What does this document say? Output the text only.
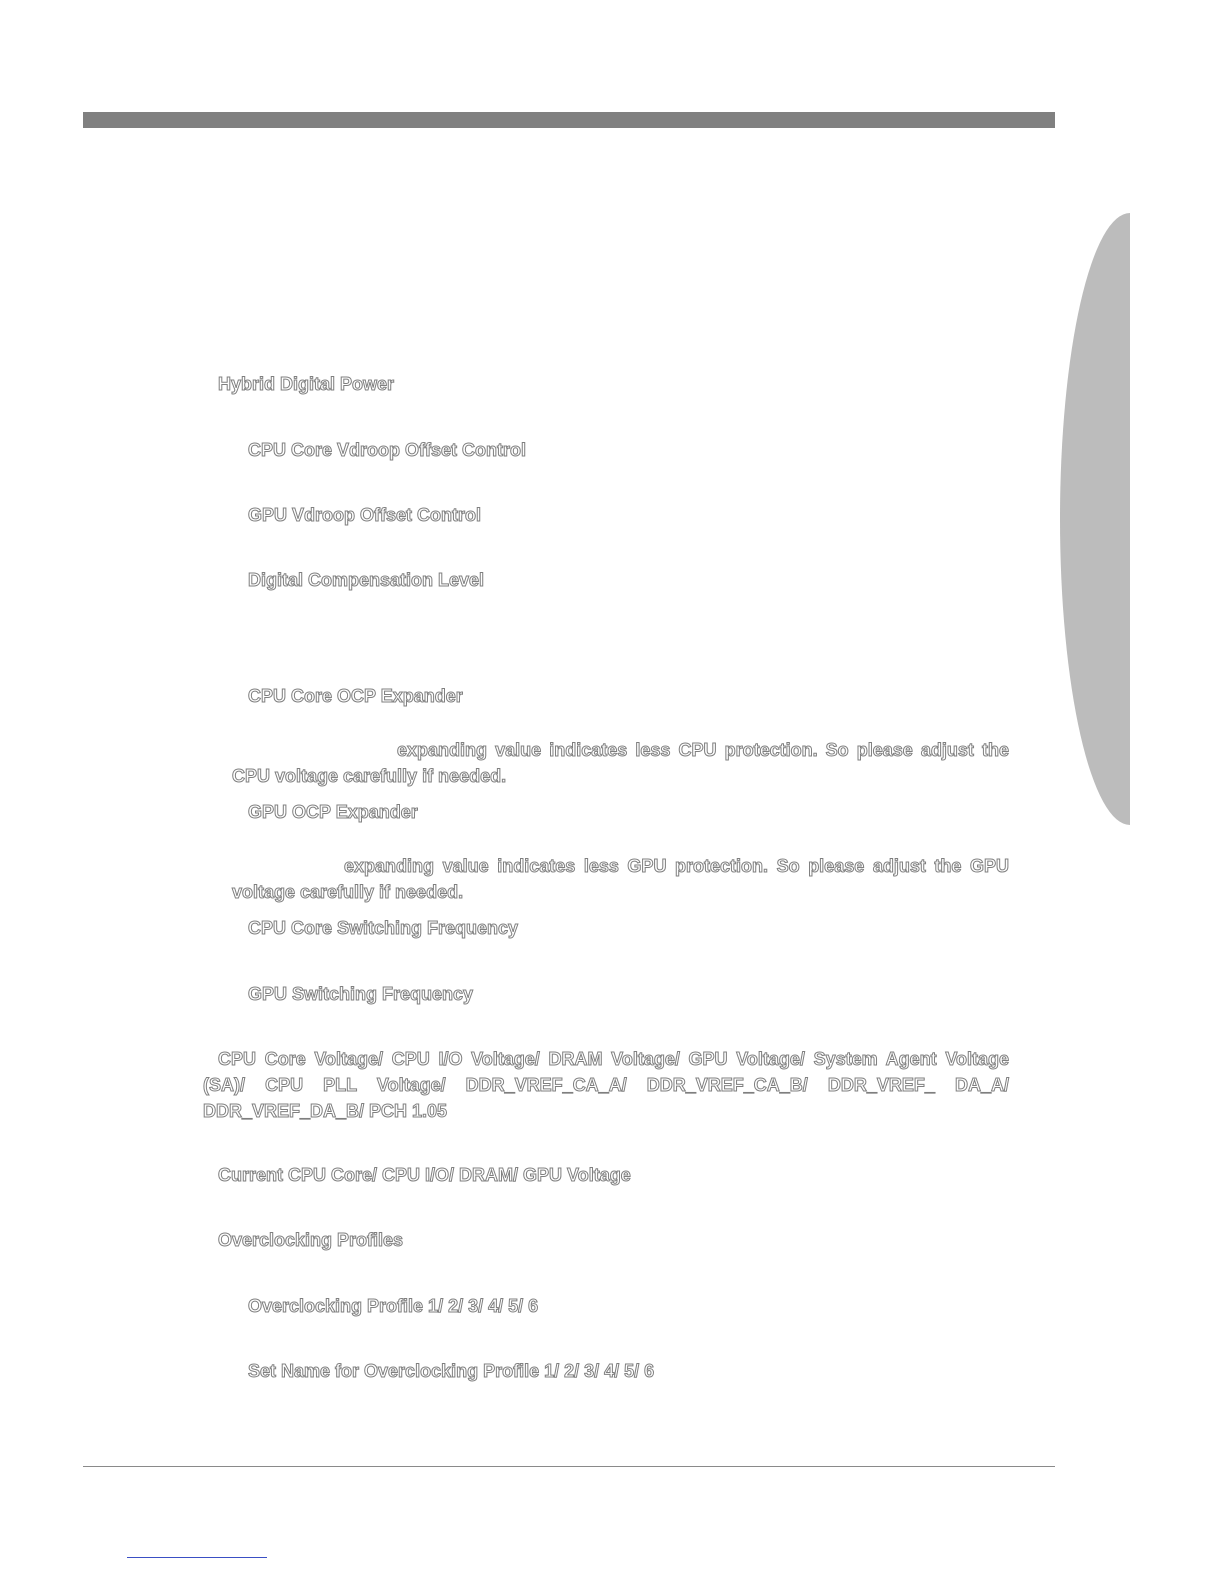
Hybrid Digital Power
CPU Core Vdroop Offset Control
GPU Vdroop Offset Control
Digital Compensation Level
CPU Core OCP Expander
expanding value indicates less CPU protection. So please adjust the CPU voltage carefully if needed.
GPU OCP Expander
expanding value indicates less GPU protection. So please adjust the GPU voltage carefully if needed.
CPU Core Switching Frequency
GPU Switching Frequency
CPU Core Voltage/ CPU I/O Voltage/ DRAM Voltage/ GPU Voltage/ System Agent Voltage (SA)/ CPU PLL Voltage/ DDR_VREF_CA_A/ DDR_VREF_CA_B/ DDR_VREF_ DA_A/ DDR_VREF_DA_B/ PCH 1.05
Current CPU Core/ CPU I/O/ DRAM/ GPU Voltage
Overclocking Profiles
Overclocking Profile 1/ 2/ 3/ 4/ 5/ 6
Set Name for Overclocking Profile 1/ 2/ 3/ 4/ 5/ 6
